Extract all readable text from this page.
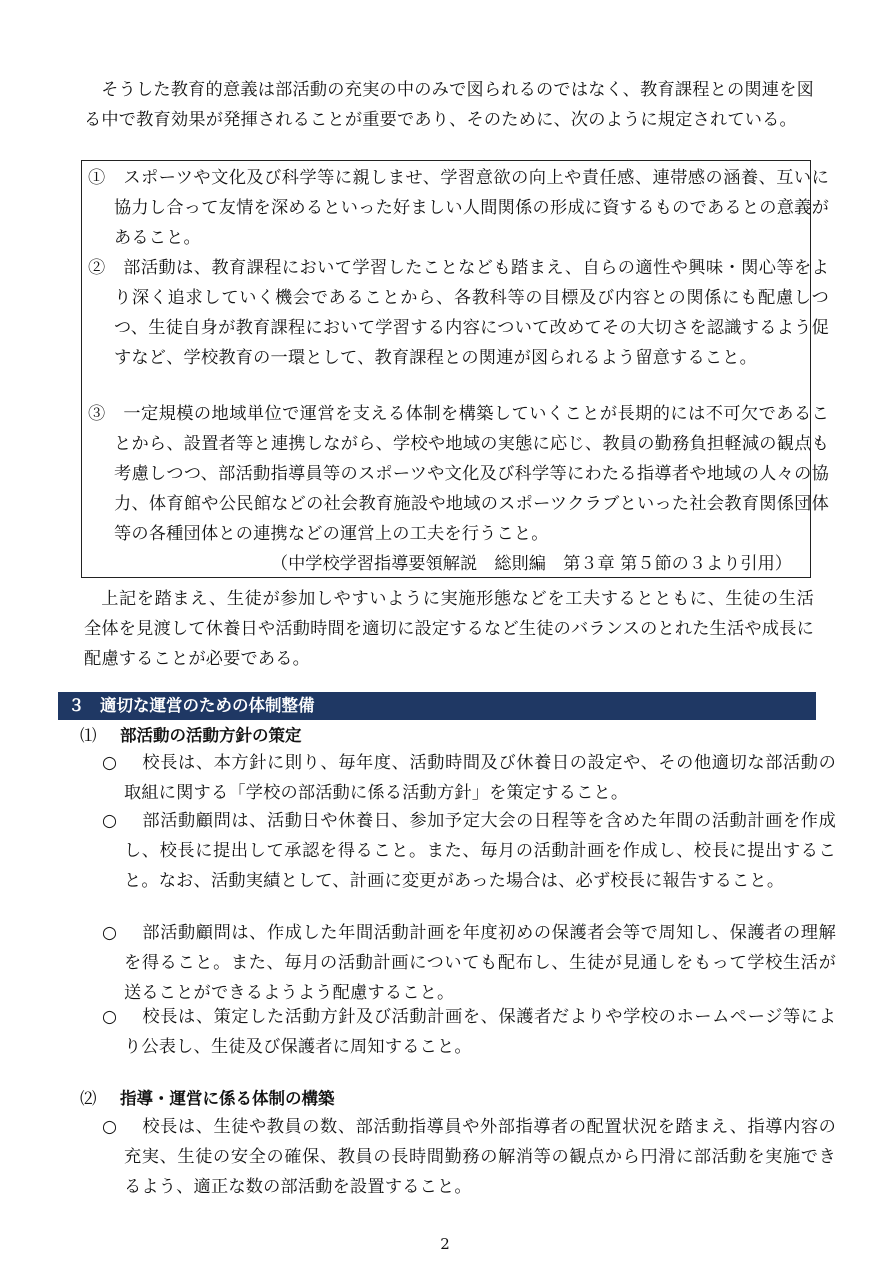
そうした教育的意義は部活動の充実の中のみで図られるのではなく、教育課程との関連を図る中で教育効果が発揮されることが重要であり、そのために、次のように規定されている。

①　 スポーツや文化及び科学等に親しませ、学習意欲の向上や責任感、連帯感の涵養、互いに協力し合って友情を深めるといった好ましい人間関係の形成に資するものであるとの意義があること。

②　 部活動は、教育課程において学習したことなども踏まえ、自らの適性や興味・関心等をより深く追求していく機会であることから、各教科等の目標及び内容との関係にも配慮しつつ、生徒自身が教育課程において学習する内容について改めてその大切さを認識するよう促すなど、学校教育の一環として、教育課程との関連が図られるよう留意すること。

③　 一定規模の地域単位で運営を支える体制を構築していくことが長期的には不可欠であることから、設置者等と連携しながら、学校や地域の実態に応じ、教員の勤務負担軽減の観点も考慮しつつ、部活動指導員等のスポーツや文化及び科学等にわたる指導者や地域の人々の協力、体育館や公民館などの社会教育施設や地域のスポーツクラブといった社会教育関係団体等の各種団体との連携などの運営上の工夫を行うこと。

（中学校学習指導要領解説　総則編　第３章 第５節の３より引用）

上記を踏まえ、生徒が参加しやすいように実施形態などを工夫するとともに、生徒の生活全体を見渡して休養日や活動時間を適切に設定するなど生徒のバランスのとれた生活や成長に配慮することが必要である。

３ 適切な運営のための体制整備
⑴ 部活動の活動方針の策定

○ 校長は、本方針に則り、毎年度、活動時間及び休養日の設定や、その他適切な部活動の取組に関する「学校の部活動に係る活動方針」を策定すること。

○ 部活動顧問は、活動日や休養日、参加予定大会の日程等を含めた年間の活動計画を作成し、校長に提出して承認を得ること。また、毎月の活動計画を作成し、校長に提出すること。なお、活動実績として、計画に変更があった場合は、必ず校長に報告すること。

○ 部活動顧問は、作成した年間活動計画を年度初めの保護者会等で周知し、保護者の理解を得ること。また、毎月の活動計画についても配布し、生徒が見通しをもって学校生活が送ることができるようよう配慮すること。

○ 校長は、策定した活動方針及び活動計画を、保護者だよりや学校のホームページ等により公表し、生徒及び保護者に周知すること。

⑵ 指導・運営に係る体制の構築

○ 校長は、生徒や教員の数、部活動指導員や外部指導者の配置状況を踏まえ、指導内容の充実、生徒の安全の確保、教員の長時間勤務の解消等の観点から円滑に部活動を実施できるよう、適正な数の部活動を設置すること。

2
